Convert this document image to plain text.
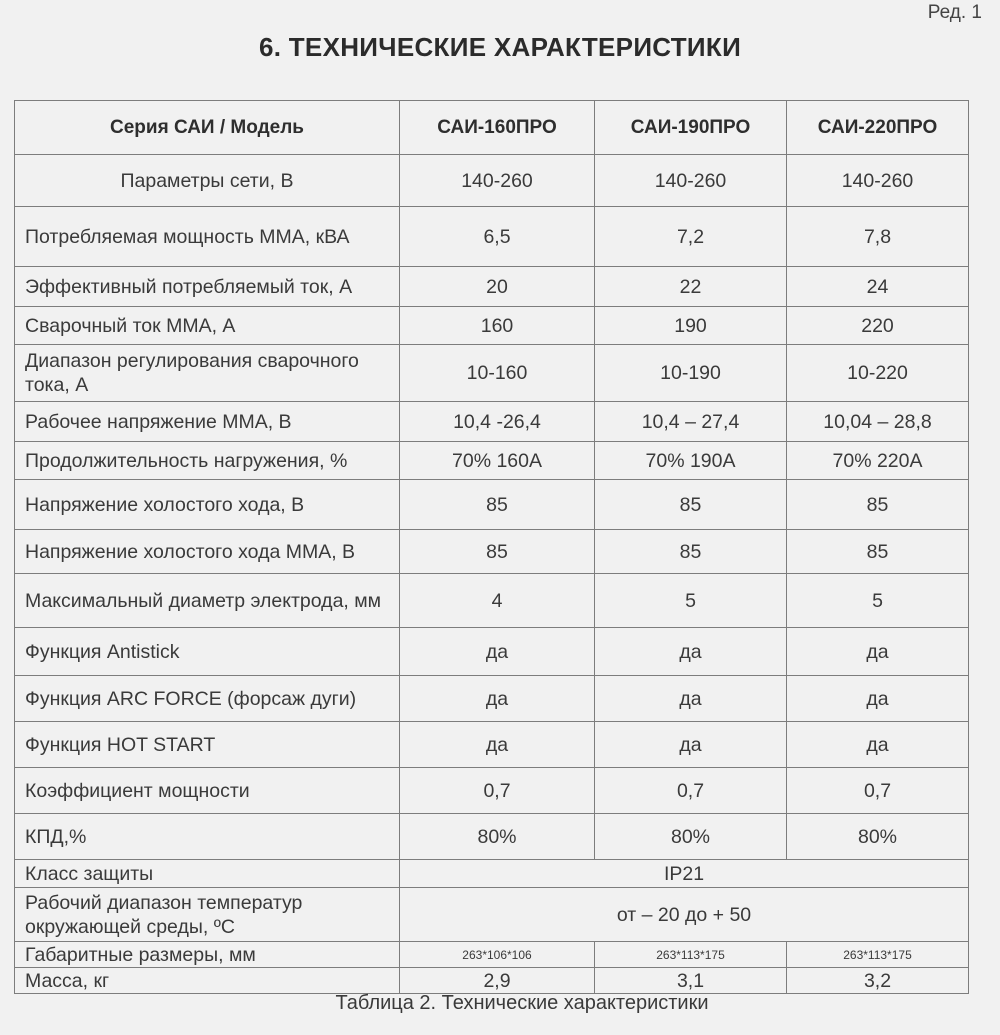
Ред. 1
6. ТЕХНИЧЕСКИЕ ХАРАКТЕРИСТИКИ
Серия САИ / Модель	САИ-160ПРО	САИ-190ПРО	САИ-220ПРО
Параметры сети, В	140-260	140-260	140-260
Потребляемая мощность ММА, кВА	6,5	7,2	7,8
Эффективный потребляемый ток, А	20	22	24
Сварочный ток ММА, А	160	190	220
Диапазон регулирования сварочного тока, А	10-160	10-190	10-220
Рабочее напряжение ММА, В	10,4 -26,4	10,4 – 27,4	10,04 – 28,8
Продолжительность нагружения, %	70% 160А	70% 190А	70% 220А
Напряжение холостого хода, В	85	85	85
Напряжение холостого хода ММА, В	85	85	85
Максимальный диаметр электрода, мм	4	5	5
Функция Antistick	да	да	да
Функция ARC FORCE (форсаж дуги)	да	да	да
Функция HOT START	да	да	да
Коэффициент мощности	0,7	0,7	0,7
КПД,%	80%	80%	80%
Класс защиты	IP21		
Рабочий диапазон температур окружающей среды, ºС	от – 20 до + 50		
Габаритные размеры, мм	263*106*106	263*113*175	263*113*175
Масса, кг	2,9	3,1	3,2
Таблица 2. Технические характеристики
